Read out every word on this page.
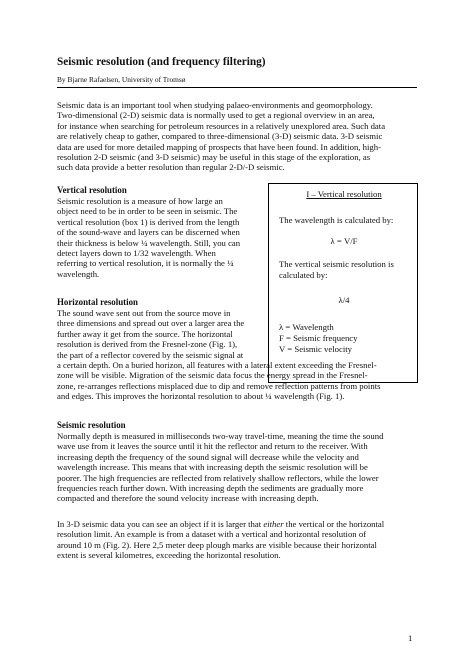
Seismic resolution (and frequency filtering)
By Bjarne Rafaelsen, University of Tromsø
Seismic data is an important tool when studying palaeo-environments and geomorphology.
Two-dimensional (2-D) seismic data is normally used to get a regional overview in an area,
for instance when searching for petroleum resources in a relatively unexplored area. Such data
are relatively cheap to gather, compared to three-dimensional (3-D) seismic data. 3-D seismic
data are used for more detailed mapping of prospects that have been found. In addition, high-
resolution 2-D seismic (and 3-D seismic) may be useful in this stage of the exploration, as
such data provide a better resolution than regular 2-D/-D seismic.
Vertical resolution
Seismic resolution is a measure of how large an
object need to be in order to be seen in seismic. The
vertical resolution (box 1) is derived from the length
of the sound-wave and layers can be discerned when
their thickness is below ¼ wavelength. Still, you can
detect layers down to 1/32 wavelength. When
referring to vertical resolution, it is normally the ¼
wavelength.
Horizontal resolution
The sound wave sent out from the source move in
three dimensions and spread out over a larger area the
further away it get from the source. The horizontal
resolution is derived from the Fresnel-zone (Fig. 1),
the part of a reflector covered by the seismic signal at
a certain depth. On a buried horizon, all features with a lateral extent exceeding the Fresnel-
zone will be visible. Migration of the seismic data focus the energy spread in the Fresnel-
zone, re-arranges reflections misplaced due to dip and remove reflection patterns from points
and edges. This improves the horizontal resolution to about ¼ wavelength (Fig. 1).
I – Vertical resolution
The wavelength is calculated by:
λ = V/F
The vertical seismic resolution is
calculated by:
λ/4
λ = Wavelength
F = Seismic frequency
V = Seismic velocity
Seismic resolution
Normally depth is measured in milliseconds two-way travel-time, meaning the time the sound
wave use from it leaves the source until it hit the reflector and return to the receiver. With
increasing depth the frequency of the sound signal will decrease while the velocity and
wavelength increase. This means that with increasing depth the seismic resolution will be
poorer. The high frequencies are reflected from relatively shallow reflectors, while the lower
frequencies reach further down. With increasing depth the sediments are gradually more
compacted and therefore the sound velocity increase with increasing depth.
In 3-D seismic data you can see an object if it is larger that either the vertical or the horizontal
resolution limit. An example is from a dataset with a vertical and horizontal resolution of
around 10 m (Fig. 2). Here 2,5 meter deep plough marks are visible because their horizontal
extent is several kilometres, exceeding the horizontal resolution.
1
